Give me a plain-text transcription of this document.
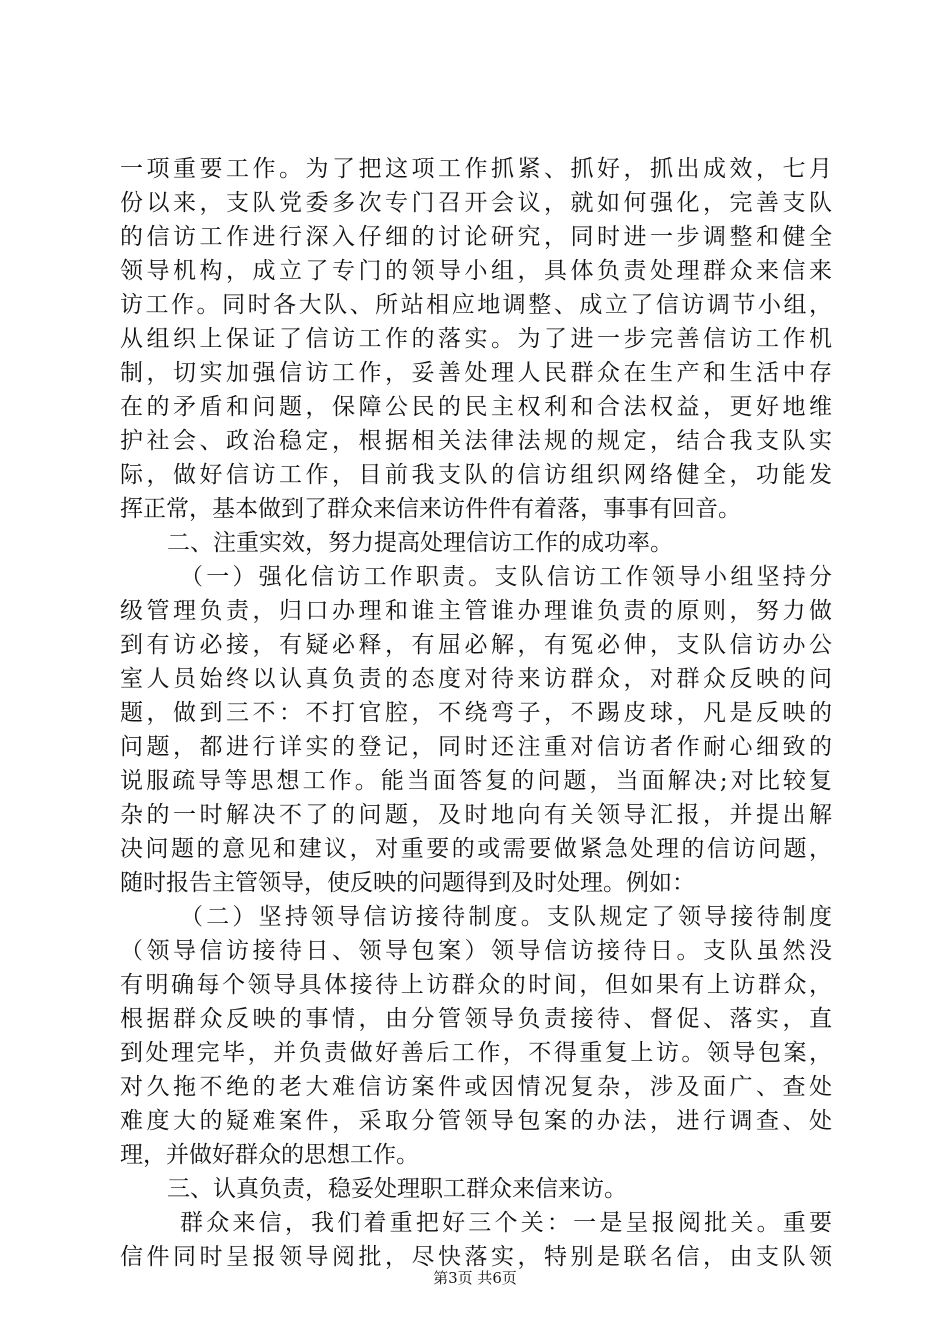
一项重要工作。为了把这项工作抓紧、抓好，抓出成效，七月
份以来，支队党委多次专门召开会议，就如何强化，完善支队
的信访工作进行深入仔细的讨论研究，同时进一步调整和健全
领导机构，成立了专门的领导小组，具体负责处理群众来信来
访工作。同时各大队、所站相应地调整、成立了信访调节小组，
从组织上保证了信访工作的落实。为了进一步完善信访工作机
制，切实加强信访工作，妥善处理人民群众在生产和生活中存
在的矛盾和问题，保障公民的民主权利和合法权益，更好地维
护社会、政治稳定，根据相关法律法规的规定，结合我支队实
际，做好信访工作，目前我支队的信访组织网络健全，功能发
挥正常，基本做到了群众来信来访件件有着落，事事有回音。
二、注重实效，努力提高处理信访工作的成功率。
（一）强化信访工作职责。支队信访工作领导小组坚持分
级管理负责，归口办理和谁主管谁办理谁负责的原则，努力做
到有访必接，有疑必释，有屈必解，有冤必伸，支队信访办公
室人员始终以认真负责的态度对待来访群众，对群众反映的问
题，做到三不：不打官腔，不绕弯子，不踢皮球，凡是反映的
问题，都进行详实的登记，同时还注重对信访者作耐心细致的
说服疏导等思想工作。能当面答复的问题，当面解决;对比较复
杂的一时解决不了的问题，及时地向有关领导汇报，并提出解
决问题的意见和建议，对重要的或需要做紧急处理的信访问题，
随时报告主管领导，使反映的问题得到及时处理。例如：
（二）坚持领导信访接待制度。支队规定了领导接待制度
（领导信访接待日、领导包案）领导信访接待日。支队虽然没
有明确每个领导具体接待上访群众的时间，但如果有上访群众，
根据群众反映的事情，由分管领导负责接待、督促、落实，直
到处理完毕，并负责做好善后工作，不得重复上访。领导包案，
对久拖不绝的老大难信访案件或因情况复杂，涉及面广、查处
难度大的疑难案件，采取分管领导包案的办法，进行调查、处
理，并做好群众的思想工作。
三、认真负责，稳妥处理职工群众来信来访。
群众来信，我们着重把好三个关：一是呈报阅批关。重要
信件同时呈报领导阅批，尽快落实，特别是联名信，由支队领
第3页 共6页
